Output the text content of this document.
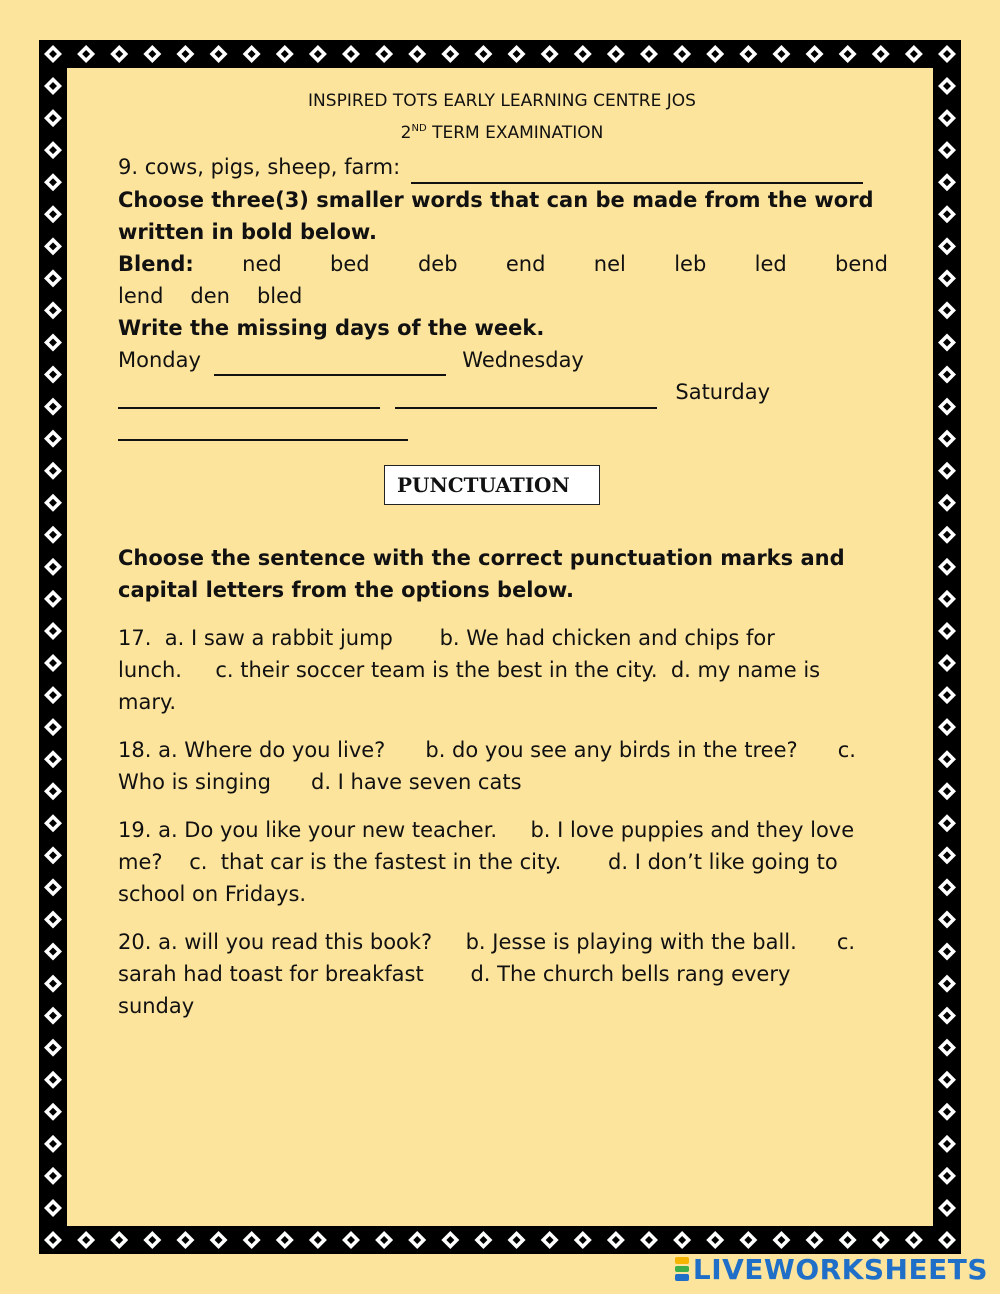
INSPIRED TOTS EARLY LEARNING CENTRE JOS
2ND TERM EXAMINATION
9. cows, pigs, sheep, farm:
Choose three(3) smaller words that can be made from the word written in bold below.
Blend: ned bed deb end nel leb led bend
lend den bled
Write the missing days of the week.
Monday	Wednesday
Saturday
PUNCTUATION
Choose the sentence with the correct punctuation marks and capital letters from the options below.
17.  a. I saw a rabbit jump       b. We had chicken and chips for
lunch.     c. their soccer team is the best in the city.  d. my name is
mary.
18. a. Where do you live?      b. do you see any birds in the tree?      c.
Who is singing      d. I have seven cats
19. a. Do you like your new teacher.     b. I love puppies and they love
me?    c.  that car is the fastest in the city.       d. I don’t like going to
school on Fridays.
20. a. will you read this book?     b. Jesse is playing with the ball.      c.
sarah had toast for breakfast       d. The church bells rang every
sunday
LIVEWORKSHEETS
